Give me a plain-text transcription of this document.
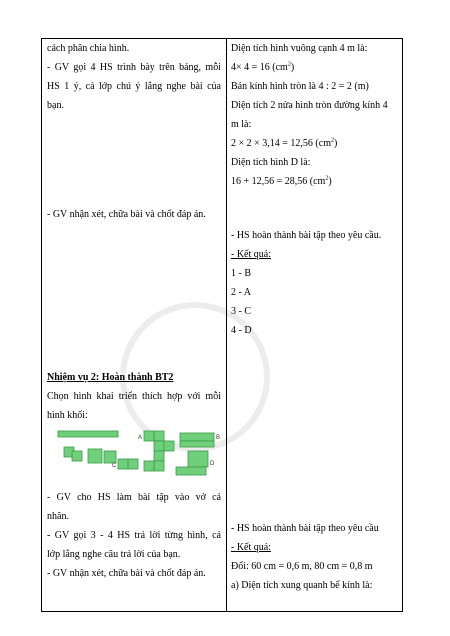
cách phân chia hình.
- GV gọi 4 HS trình bày trên bảng, mỗi
HS 1 ý, cả lớp chú ý lắng nghe bài của
bạn.
- GV nhận xét, chữa bài và chốt đáp án.
Nhiệm vụ 2: Hoàn thành BT2
Chọn hình khai triển thích hợp với mỗi
hình khối:
A	B
C	D
- GV cho HS làm bài tập vào vở cá
nhân.
- GV gọi 3 - 4 HS trả lời từng hình, cả
lớp lắng nghe câu trả lời của bạn.
- GV nhận xét, chữa bài và chốt đáp án.
Diện tích hình vuông cạnh 4 m là:
4× 4 = 16 $(cm^2)$
Bán kính hình tròn là 4 : 2 = 2 (m)
Diện tích 2 nửa hình tròn đường kính 4
m là:
2 × 2 × 3,14 = 12,56 $(cm^2)$
Diện tích hình D là:
16 + 12,56 = 28,56 $(cm^2)$
- HS hoàn thành bài tập theo yêu cầu.
- Kết quả:
1 - B
2 - A
3 - C
4 - D
- HS hoàn thành bài tập theo yêu cầu
- Kết quả:
Đổi: 60 cm = 0,6 m, 80 cm = 0,8 m
a) Diện tích xung quanh bể kính là:
